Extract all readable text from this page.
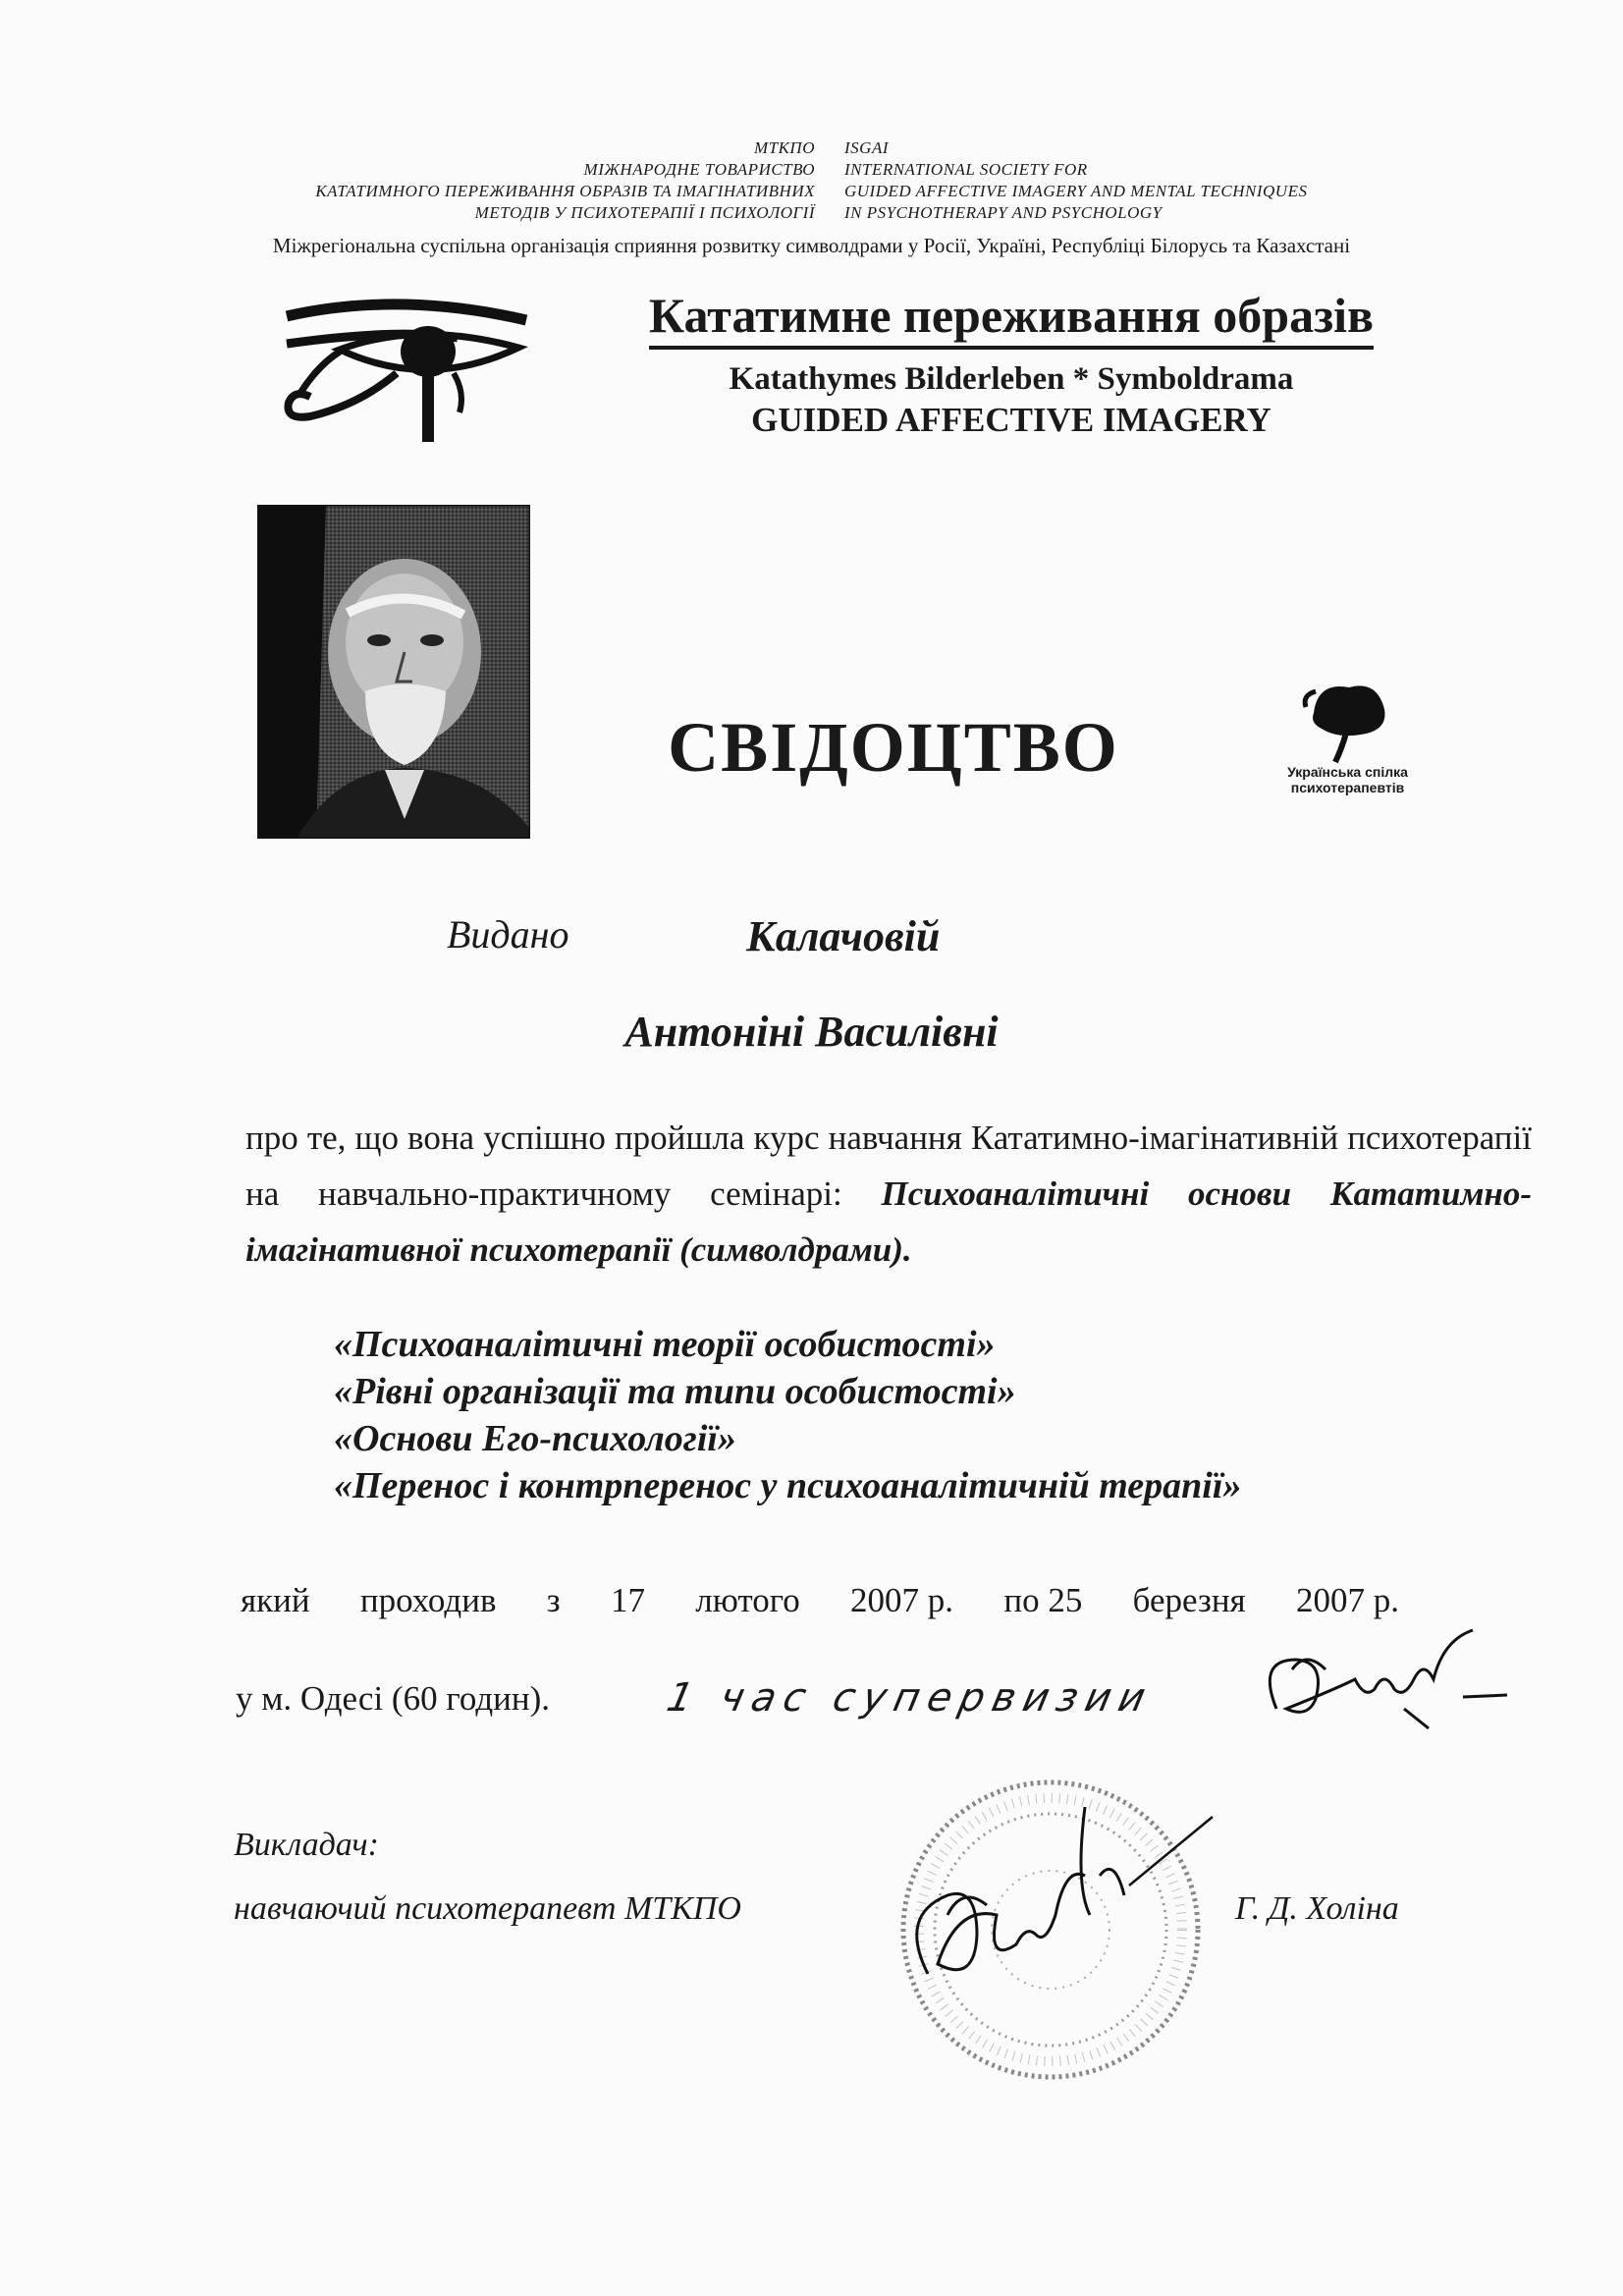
МТКПО
МІЖНАРОДНЕ ТОВАРИСТВО
КАТАТИМНОГО ПЕРЕЖИВАННЯ ОБРАЗІВ ТА ІМАГІНАТИВНИХ
МЕТОДІВ У ПСИХОТЕРАПІЇ І ПСИХОЛОГІЇ
ISGAI
INTERNATIONAL SOCIETY FOR
GUIDED AFFECTIVE IMAGERY AND MENTAL TECHNIQUES
IN PSYCHOTHERAPY AND PSYCHOLOGY
Міжрегіональна суспільна організація сприяння розвитку символдрами у Росії, Україні, Республіці Білорусь та Казахстані
Кататимне переживання образів
Katathymes Bilderleben * Symboldrama
GUIDED AFFECTIVE IMAGERY
СВІДОЦТВО	Українська спілка
психотерапевтів
Видано	Калачовій
Антоніні Василівні
про те, що вона успішно пройшла курс навчання Кататимно-імагінативній психотерапії на навчально-практичному семінарі: Психоаналітичні основи Кататимно-імагінативної психотерапії (символдрами).
«Психоаналітичні теорії особистості»
«Рівні організації та типи особистості»
«Основи Его-психології»
«Перенос і контрперенос у психоаналітичній терапії»
який проходив з 17 лютого 2007 р. по 25 березня 2007 р.
у м. Одесі (60 годин).	1 час супервизии
Викладач:
навчаючий психотерапевт МТКПО	Г. Д. Холіна
